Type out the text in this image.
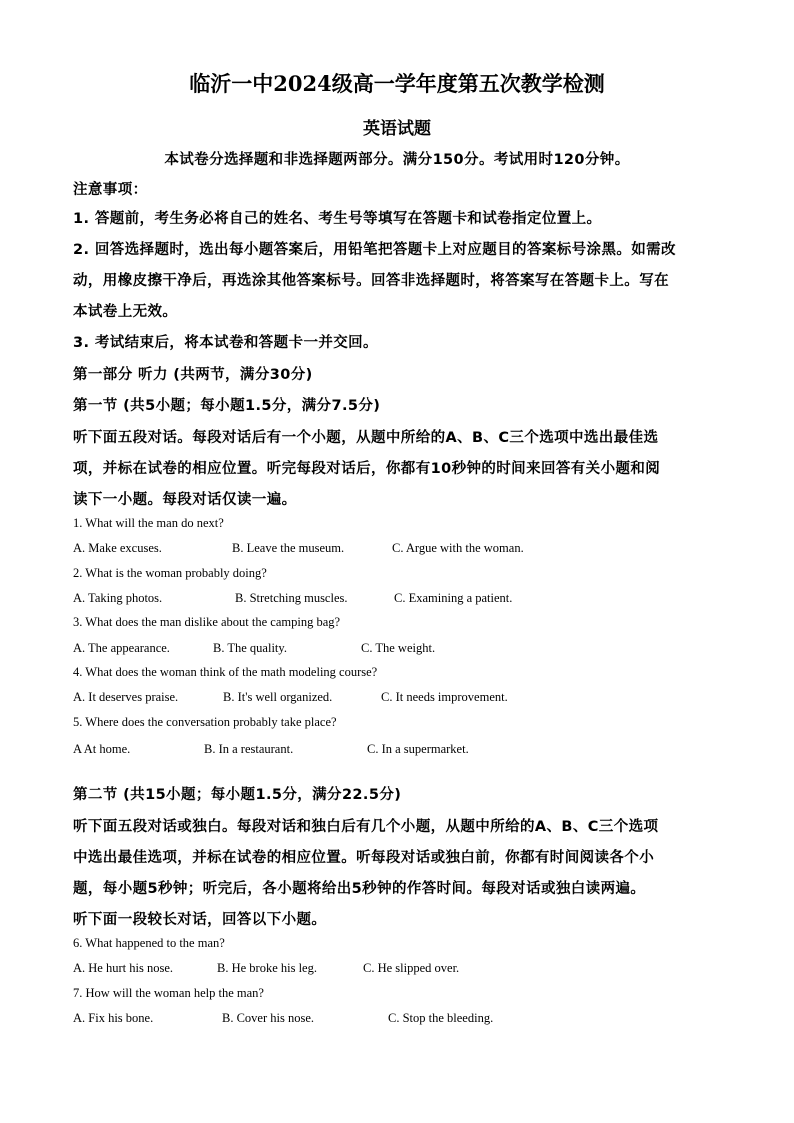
临沂一中2024级高一学年度第五次教学检测
英语试题
本试卷分选择题和非选择题两部分。满分150分。考试用时120分钟。
注意事项：
1. 答题前，考生务必将自己的姓名、考生号等填写在答题卡和试卷指定位置上。
2. 回答选择题时，选出每小题答案后，用铅笔把答题卡上对应题目的答案标号涂黑。如需改
动，用橡皮擦干净后，再选涂其他答案标号。回答非选择题时，将答案写在答题卡上。写在
本试卷上无效。
3. 考试结束后，将本试卷和答题卡一并交回。
第一部分 听力 (共两节，满分30分)
第一节 (共5小题；每小题1.5分，满分7.5分)
听下面五段对话。每段对话后有一个小题，从题中所给的A、B、C三个选项中选出最佳选
项，并标在试卷的相应位置。听完每段对话后，你都有10秒钟的时间来回答有关小题和阅
读下一小题。每段对话仅读一遍。
1. What will the man do next?
A. Make excuses.	B. Leave the museum.	C. Argue with the woman.
2. What is the woman probably doing?
A. Taking photos.	B. Stretching muscles.	C. Examining a patient.
3. What does the man dislike about the camping bag?
A. The appearance.	B. The quality.	C. The weight.
4. What does the woman think of the math modeling course?
A. It deserves praise.	B. It's well organized.	C. It needs improvement.
5. Where does the conversation probably take place?
A At home.	B. In a restaurant.	C. In a supermarket.
第二节 (共15小题；每小题1.5分，满分22.5分)
听下面五段对话或独白。每段对话和独白后有几个小题，从题中所给的A、B、C三个选项
中选出最佳选项，并标在试卷的相应位置。听每段对话或独白前，你都有时间阅读各个小
题，每小题5秒钟；听完后，各小题将给出5秒钟的作答时间。每段对话或独白读两遍。
听下面一段较长对话，回答以下小题。
6. What happened to the man?
A. He hurt his nose.	B. He broke his leg.	C. He slipped over.
7. How will the woman help the man?
A. Fix his bone.	B. Cover his nose.	C. Stop the bleeding.
